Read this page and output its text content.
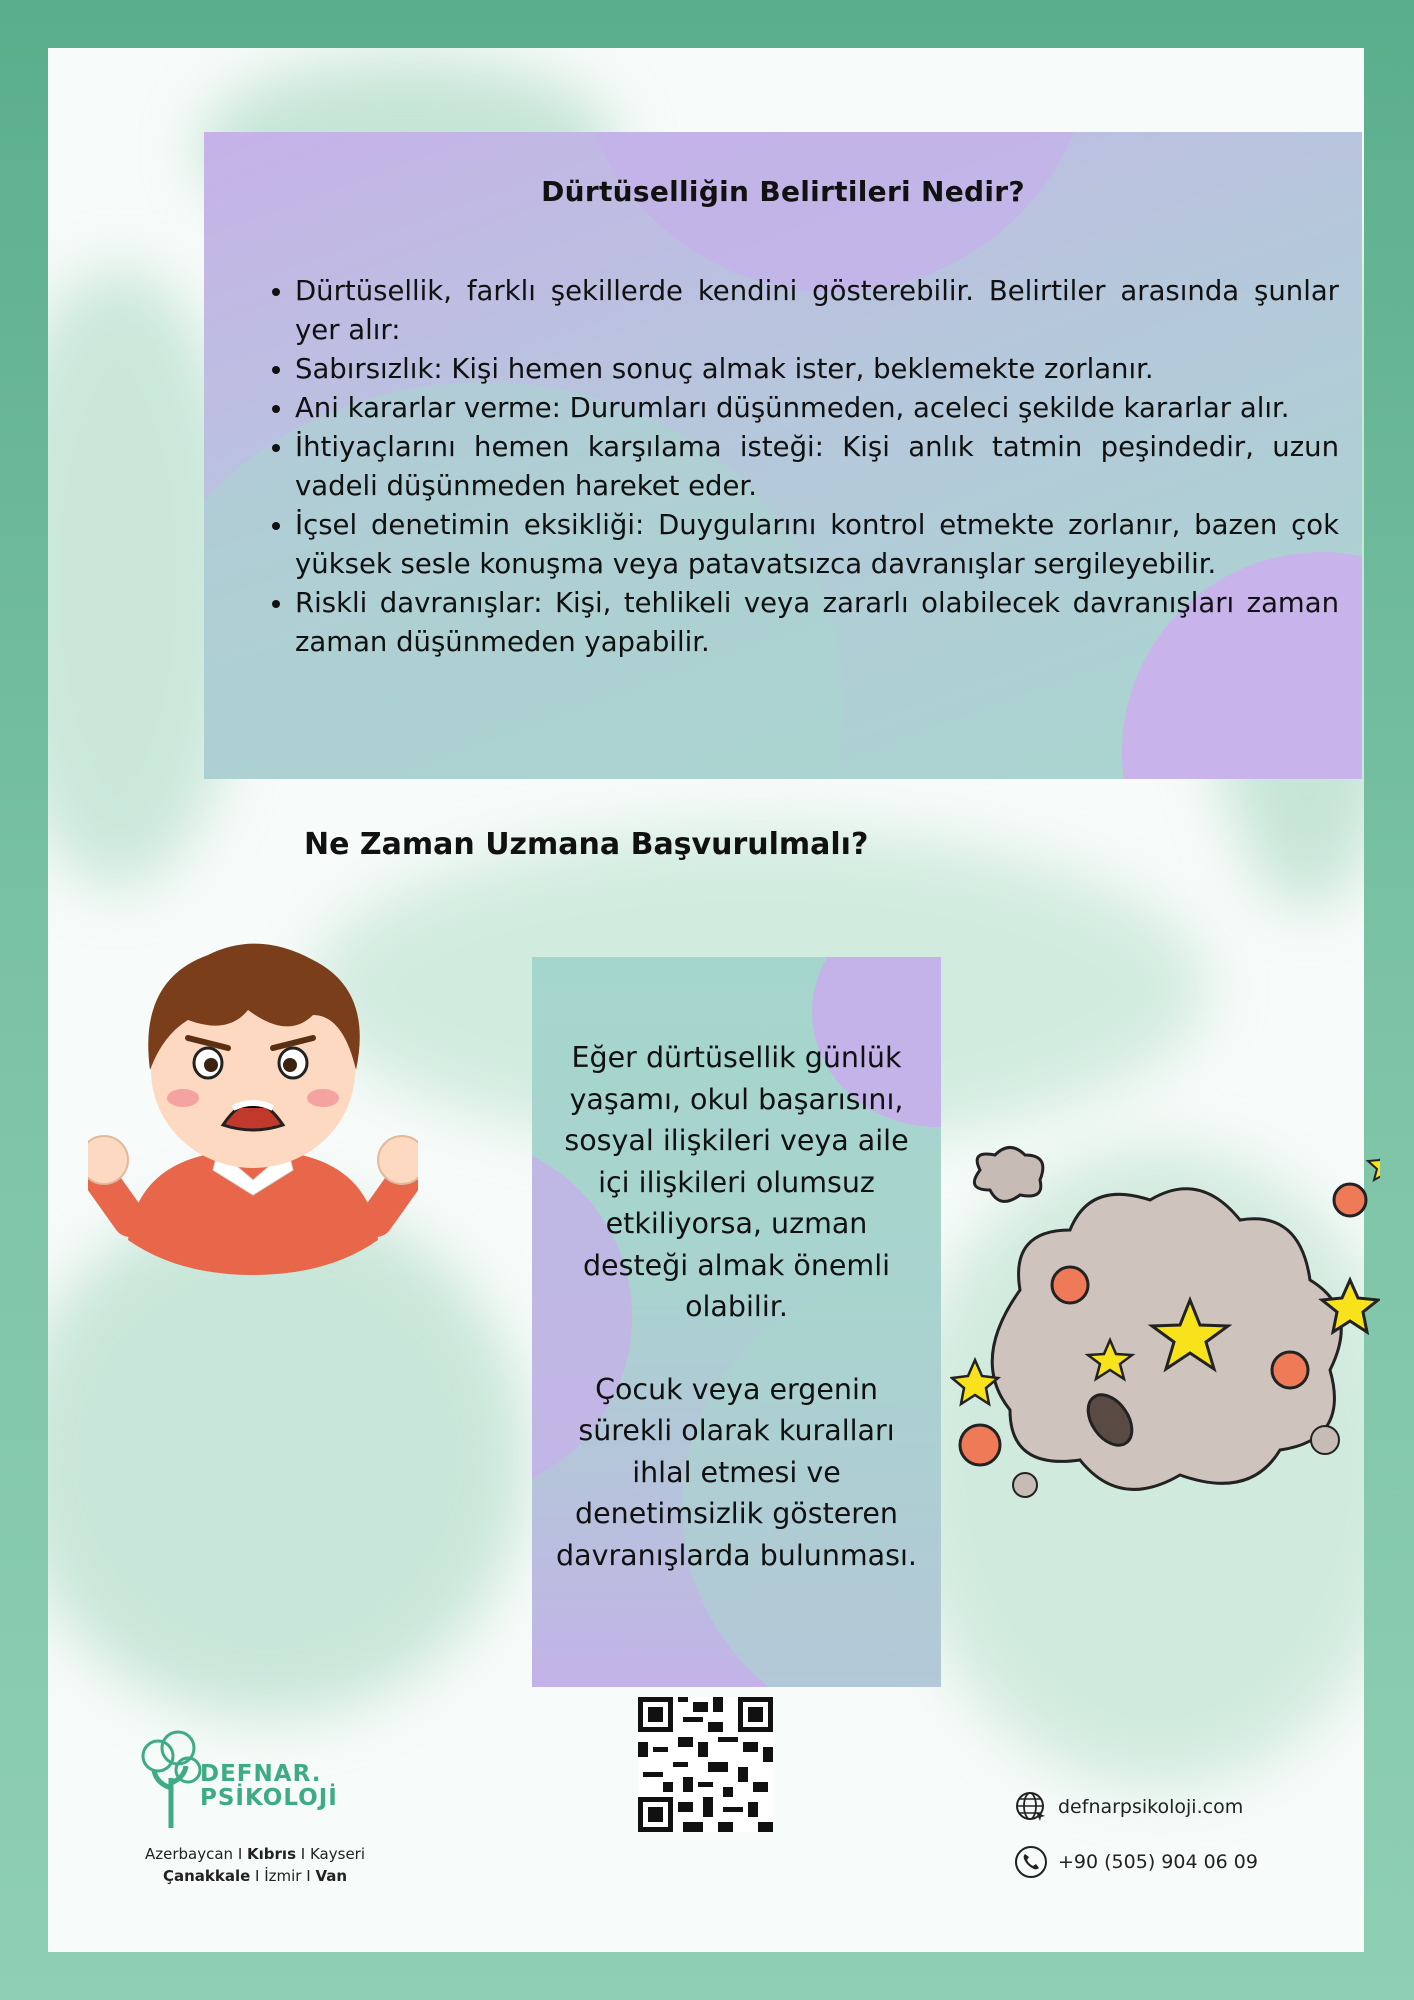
Dürtüselliğin Belirtileri Nedir?
• Dürtüsellik, farklı şekillerde kendini gösterebilir. Belirtiler arasında şunlar yer alır:
• Sabırsızlık: Kişi hemen sonuç almak ister, beklemekte zorlanır.
• Ani kararlar verme: Durumları düşünmeden, aceleci şekilde kararlar alır.
• İhtiyaçlarını hemen karşılama isteği: Kişi anlık tatmin peşindedir, uzun vadeli düşünmeden hareket eder.
• İçsel denetimin eksikliği: Duygularını kontrol etmekte zorlanır, bazen çok yüksek sesle konuşma veya patavatsızca davranışlar sergileyebilir.
• Riskli davranışlar: Kişi, tehlikeli veya zararlı olabilecek davranışları zaman zaman düşünmeden yapabilir.
Ne Zaman Uzmana Başvurulmalı?

Eğer dürtüsellik günlük yaşamı, okul başarısını, sosyal ilişkileri veya aile içi ilişkileri olumsuz etkiliyorsa, uzman desteği almak önemli olabilir.

Çocuk veya ergenin sürekli olarak kuralları ihlal etmesi ve denetimsizlik gösteren davranışlarda bulunması.

DEFNAR.
PSİKOLOJİ
Azerbaycan I Kıbrıs I Kayseri
Çanakkale I İzmir I Van
defnarpsikoloji.com
+90 (505) 904 06 09
